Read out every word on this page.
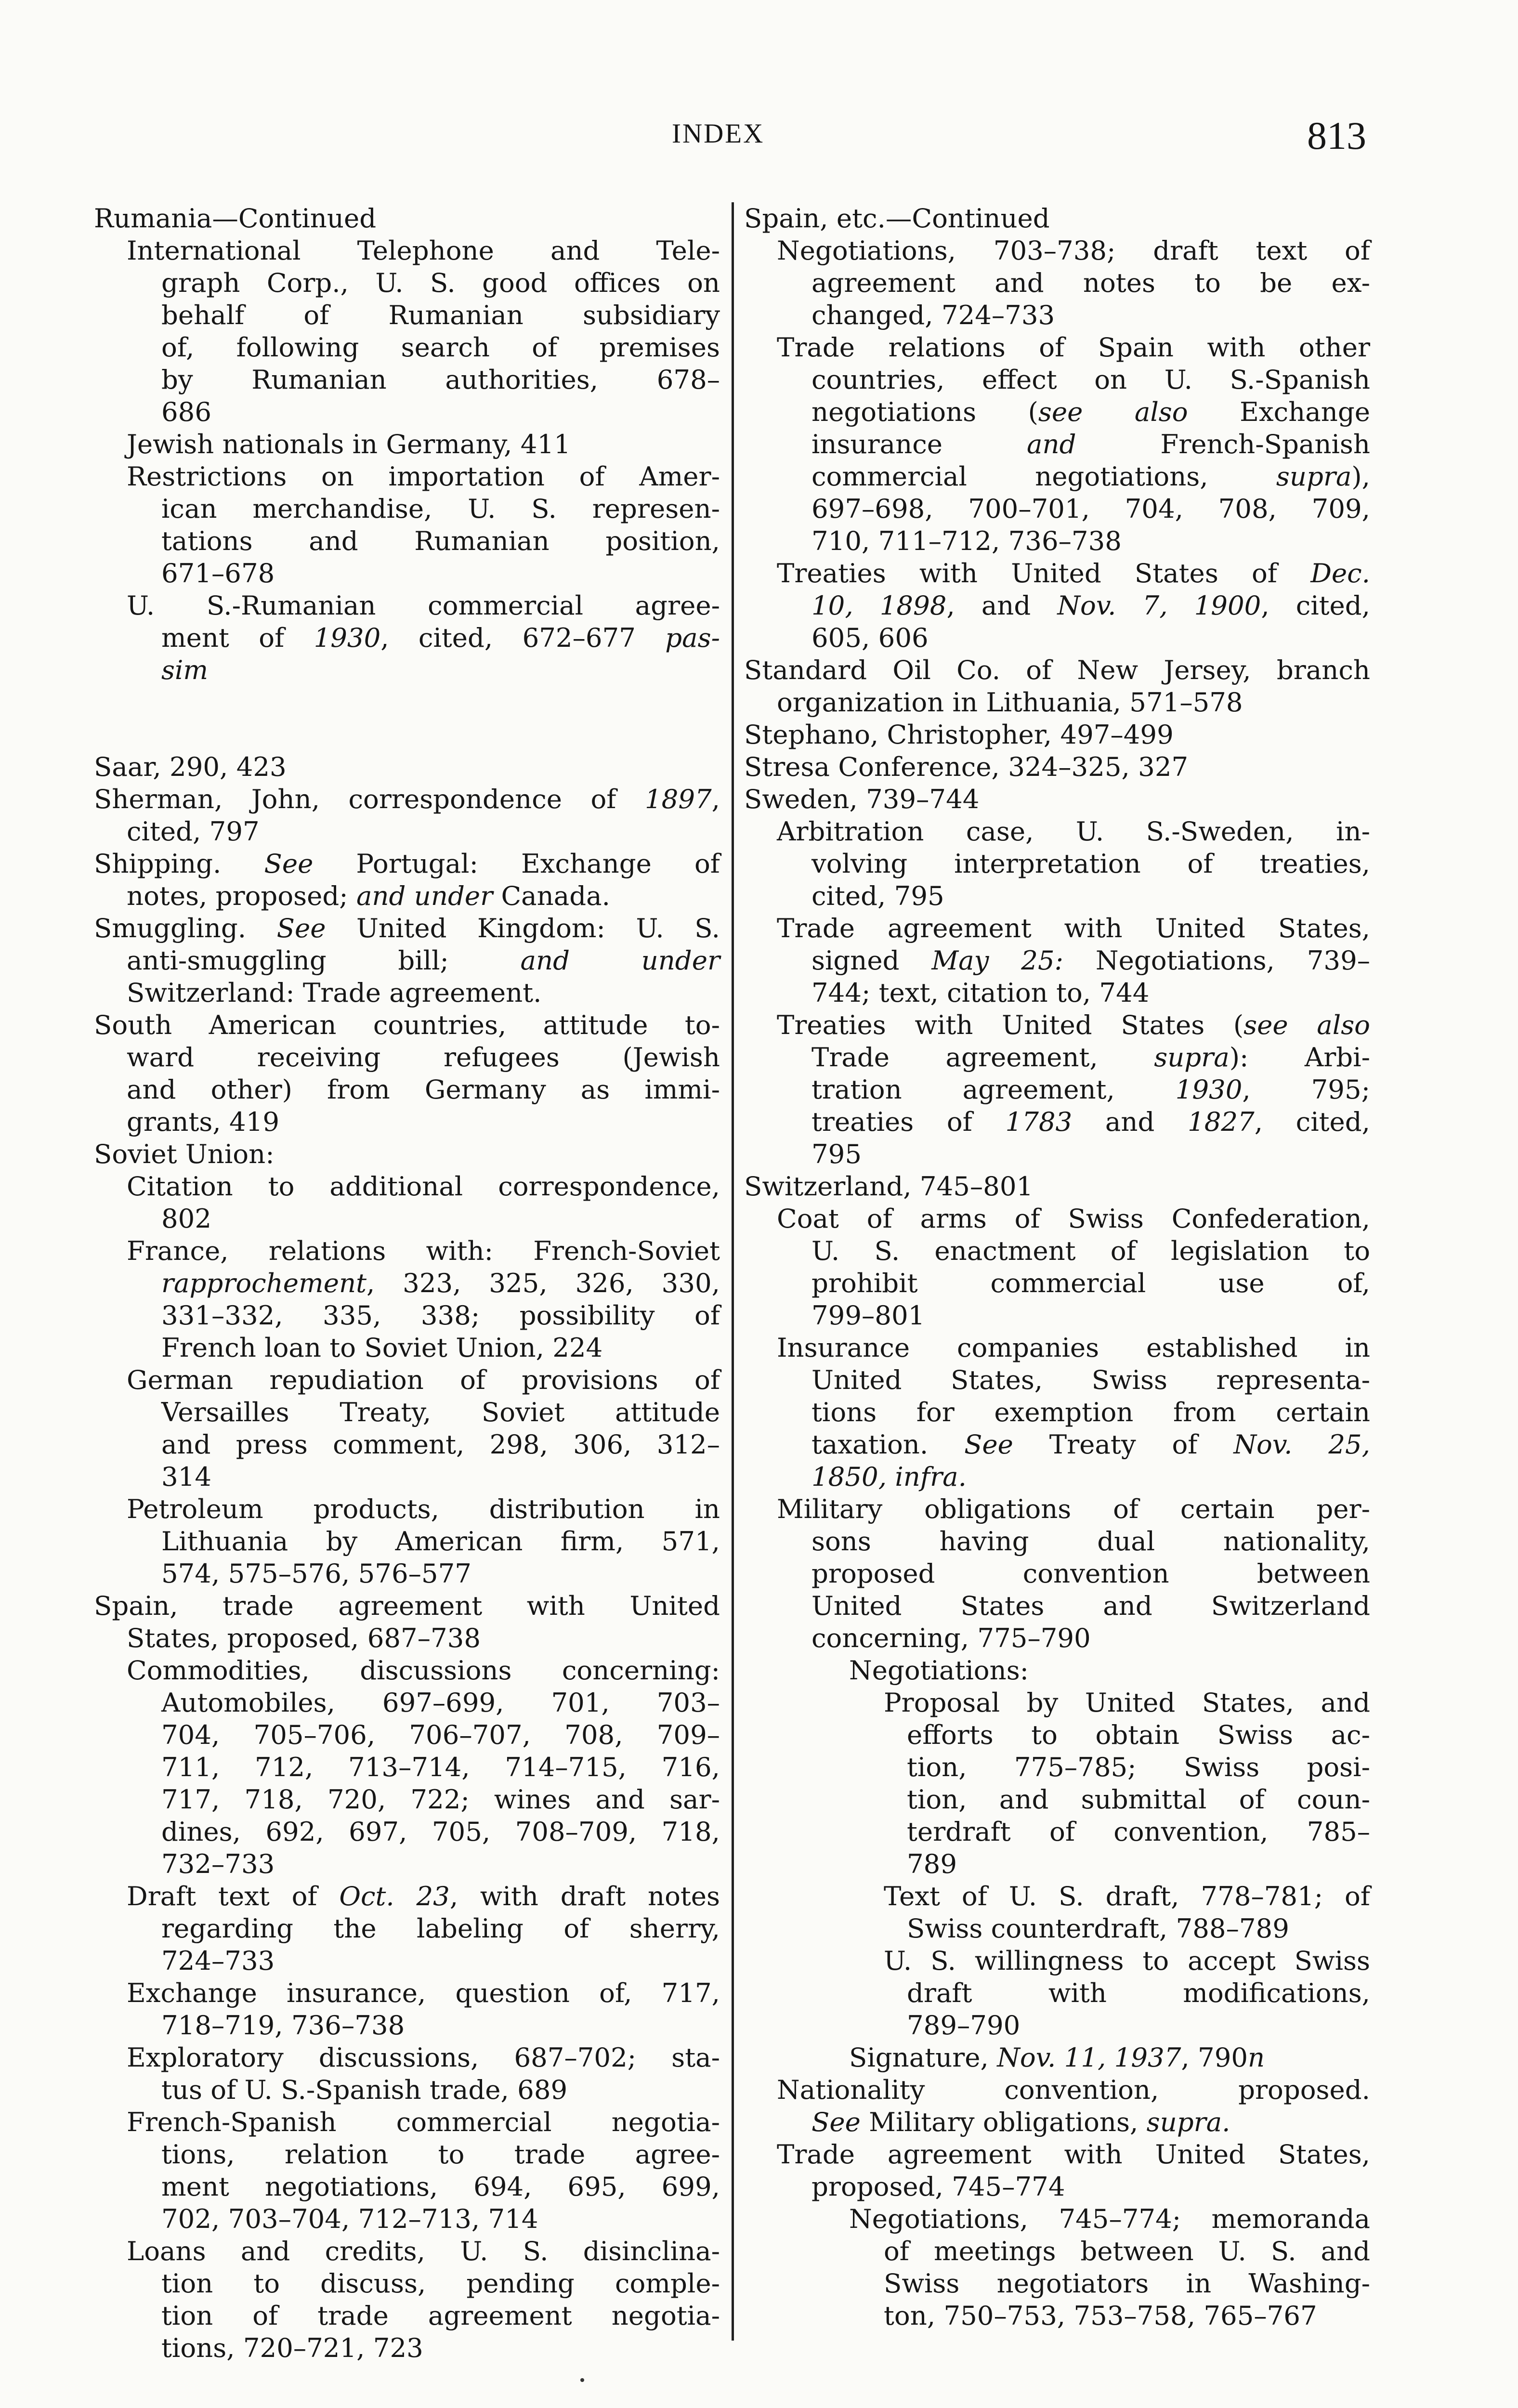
INDEX	813
Rumania—Continued
International Telephone and Tele-
graph Corp., U. S. good offices on
behalf of Rumanian subsidiary
of, following search of premises
by Rumanian authorities, 678–
686
Jewish nationals in Germany, 411
Restrictions on importation of Amer-
ican merchandise, U. S. represen-
tations and Rumanian position,
671–678
U. S.-Rumanian commercial agree-
ment of 1930, cited, 672–677 pas-
sim
Saar, 290, 423
Sherman, John, correspondence of 1897,
cited, 797
Shipping. See Portugal: Exchange of
notes, proposed; and under Canada.
Smuggling. See United Kingdom: U. S.
anti-smuggling bill; and under
Switzerland: Trade agreement.
South American countries, attitude to-
ward receiving refugees (Jewish
and other) from Germany as immi-
grants, 419
Soviet Union:
Citation to additional correspondence,
802
France, relations with: French-Soviet
rapprochement, 323, 325, 326, 330,
331–332, 335, 338; possibility of
French loan to Soviet Union, 224
German repudiation of provisions of
Versailles Treaty, Soviet attitude
and press comment, 298, 306, 312–
314
Petroleum products, distribution in
Lithuania by American firm, 571,
574, 575–576, 576–577
Spain, trade agreement with United
States, proposed, 687–738
Commodities, discussions concerning:
Automobiles, 697–699, 701, 703–
704, 705–706, 706–707, 708, 709–
711, 712, 713–714, 714–715, 716,
717, 718, 720, 722; wines and sar-
dines, 692, 697, 705, 708–709, 718,
732–733
Draft text of Oct. 23, with draft notes
regarding the labeling of sherry,
724–733
Exchange insurance, question of, 717,
718–719, 736–738
Exploratory discussions, 687–702; sta-
tus of U. S.-Spanish trade, 689
French-Spanish commercial negotia-
tions, relation to trade agree-
ment negotiations, 694, 695, 699,
702, 703–704, 712–713, 714
Loans and credits, U. S. disinclina-
tion to discuss, pending comple-
tion of trade agreement negotia-
tions, 720–721, 723
Spain, etc.—Continued
Negotiations, 703–738; draft text of
agreement and notes to be ex-
changed, 724–733
Trade relations of Spain with other
countries, effect on U. S.-Spanish
negotiations (see also Exchange
insurance and French-Spanish
commercial negotiations, supra),
697–698, 700–701, 704, 708, 709,
710, 711–712, 736–738
Treaties with United States of Dec.
10, 1898, and Nov. 7, 1900, cited,
605, 606
Standard Oil Co. of New Jersey, branch
organization in Lithuania, 571–578
Stephano, Christopher, 497–499
Stresa Conference, 324–325, 327
Sweden, 739–744
Arbitration case, U. S.-Sweden, in-
volving interpretation of treaties,
cited, 795
Trade agreement with United States,
signed May 25: Negotiations, 739–
744; text, citation to, 744
Treaties with United States (see also
Trade agreement, supra): Arbi-
tration agreement, 1930, 795;
treaties of 1783 and 1827, cited,
795
Switzerland, 745–801
Coat of arms of Swiss Confederation,
U. S. enactment of legislation to
prohibit commercial use of,
799–801
Insurance companies established in
United States, Swiss representa-
tions for exemption from certain
taxation. See Treaty of Nov. 25,
1850, infra.
Military obligations of certain per-
sons having dual nationality,
proposed convention between
United States and Switzerland
concerning, 775–790
Negotiations:
Proposal by United States, and
efforts to obtain Swiss ac-
tion, 775–785; Swiss posi-
tion, and submittal of coun-
terdraft of convention, 785–
789
Text of U. S. draft, 778–781; of
Swiss counterdraft, 788–789
U. S. willingness to accept Swiss
draft with modifications,
789–790
Signature, Nov. 11, 1937, 790n
Nationality convention, proposed.
See Military obligations, supra.
Trade agreement with United States,
proposed, 745–774
Negotiations, 745–774; memoranda
of meetings between U. S. and
Swiss negotiators in Washing-
ton, 750–753, 753–758, 765–767
